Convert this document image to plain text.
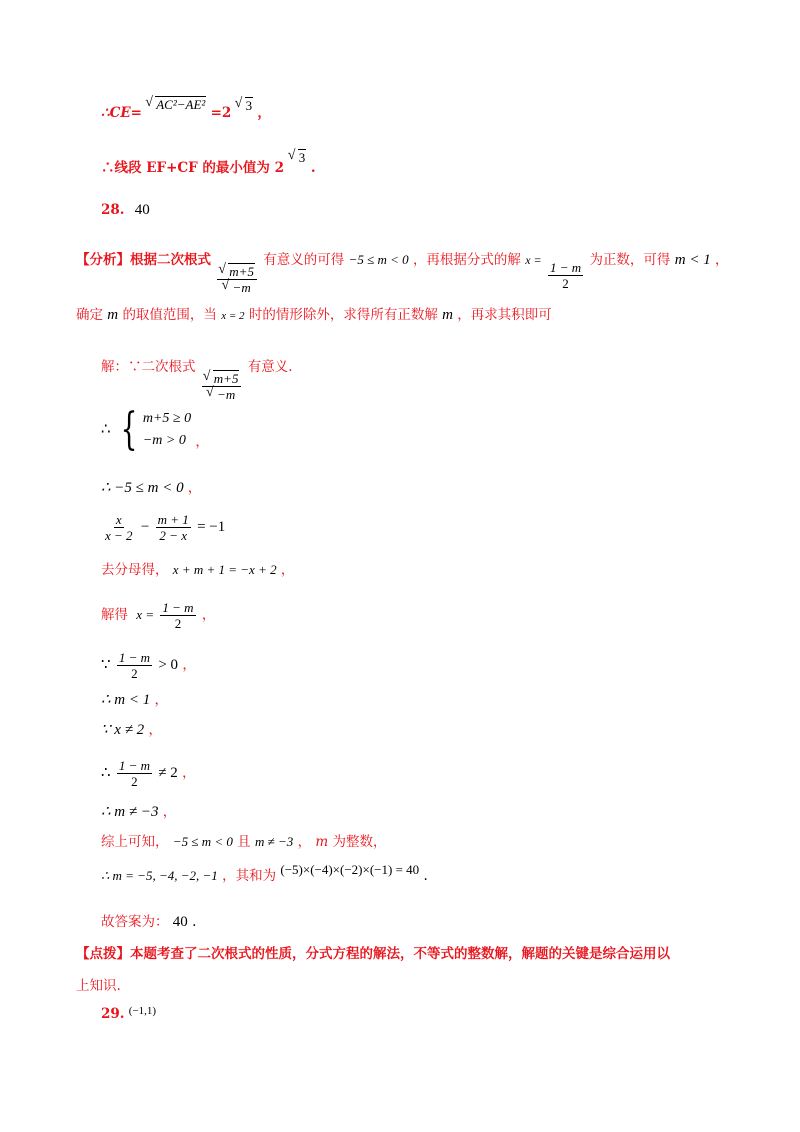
∴CE= √ AC²−AE² =2 √ 3 ，
∴线段 EF+CF 的最小值为 2 √ 3 .
28. 40
【分析】根据二次根式
√ m+5
√ −m
有意义的可得 −5 ≤ m < 0 ，再根据分式的解 $x = \frac{1 - m}{2}$ 为正数，可得 m < 1 ，
确定 m 的取值范围，当 x = 2 时的情形除外，求得所有正数解 m ，再求其积即可
解：∵二次根式
√ m+5
√ −m
有意义.
∴ { m+5 ≥ 0
−m > 0 ，
∴ −5 ≤ m < 0 ，
$\frac{x}{x - 2} - \frac{m + 1}{2 - x} = -1$
去分母得， x + m + 1 = −x + 2 ，
解得 $x = \frac{1 - m}{2}$ ，
∵ $\frac{1 - m}{2} > 0$ ，
∴ m < 1 ，
∵ x ≠ 2 ，
∴ $\frac{1 - m}{2} \ne 2$ ，
∴ m ≠ −3 ，
综上可知， −5 ≤ m < 0 且 m ≠ −3 ， m 为整数，
∴ m = −5, −4, −2, −1 ，其和为 (−5)×(−4)×(−2)×(−1) = 40 .
故答案为： 40 .
【点拨】本题考查了二次根式的性质，分式方程的解法，不等式的整数解，解题的关键是综合运用以
上知识.
29. $^{(-1,1)}$
